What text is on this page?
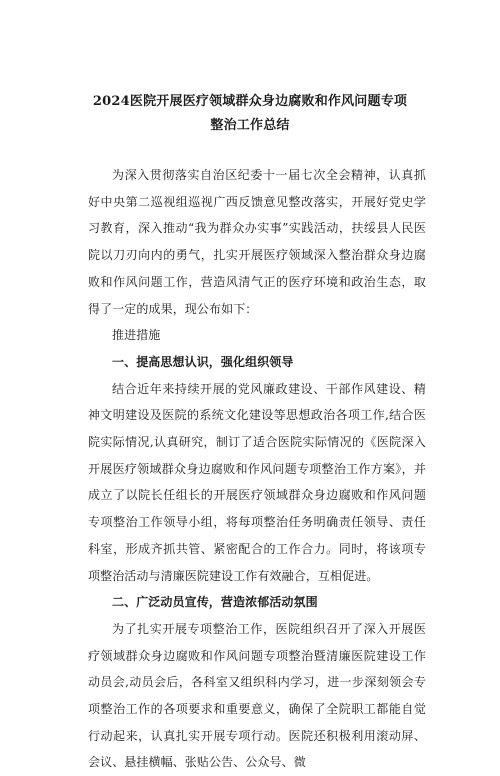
2024医院开展医疗领域群众身边腐败和作风问题专项
整治工作总结

为深入贯彻落实自治区纪委十一届七次全会精神，认真抓好中央第二巡视组巡视广西反馈意见整改落实，开展好党史学习教育，深入推动“我为群众办实事”实践活动，扶绥县人民医院以刀刃向内的勇气，扎实开展医疗领域深入整治群众身边腐败和作风问题工作，营造风清气正的医疗环境和政治生态，取得了一定的成果，现公布如下：

推进措施

一、提高思想认识，强化组织领导

结合近年来持续开展的党风廉政建设、干部作风建设、精神文明建设及医院的系统文化建设等思想政治各项工作,结合医院实际情况,认真研究，制订了适合医院实际情况的《医院深入开展医疗领域群众身边腐败和作风问题专项整治工作方案》，并成立了以院长任组长的开展医疗领域群众身边腐败和作风问题专项整治工作领导小组，将每项整治任务明确责任领导、责任科室，形成齐抓共管、紧密配合的工作合力。同时，将该项专项整治活动与清廉医院建设工作有效融合，互相促进。

二、广泛动员宣传，营造浓郁活动氛围

为了扎实开展专项整治工作，医院组织召开了深入开展医疗领域群众身边腐败和作风问题专项整治暨清廉医院建设工作动员会,动员会后，各科室又组织科内学习，进一步深刻领会专项整治工作的各项要求和重要意义，确保了全院职工都能自觉行动起来，认真扎实开展专项行动。医院还积极利用滚动屏、会议、悬挂横幅、张贴公告、公众号、微
